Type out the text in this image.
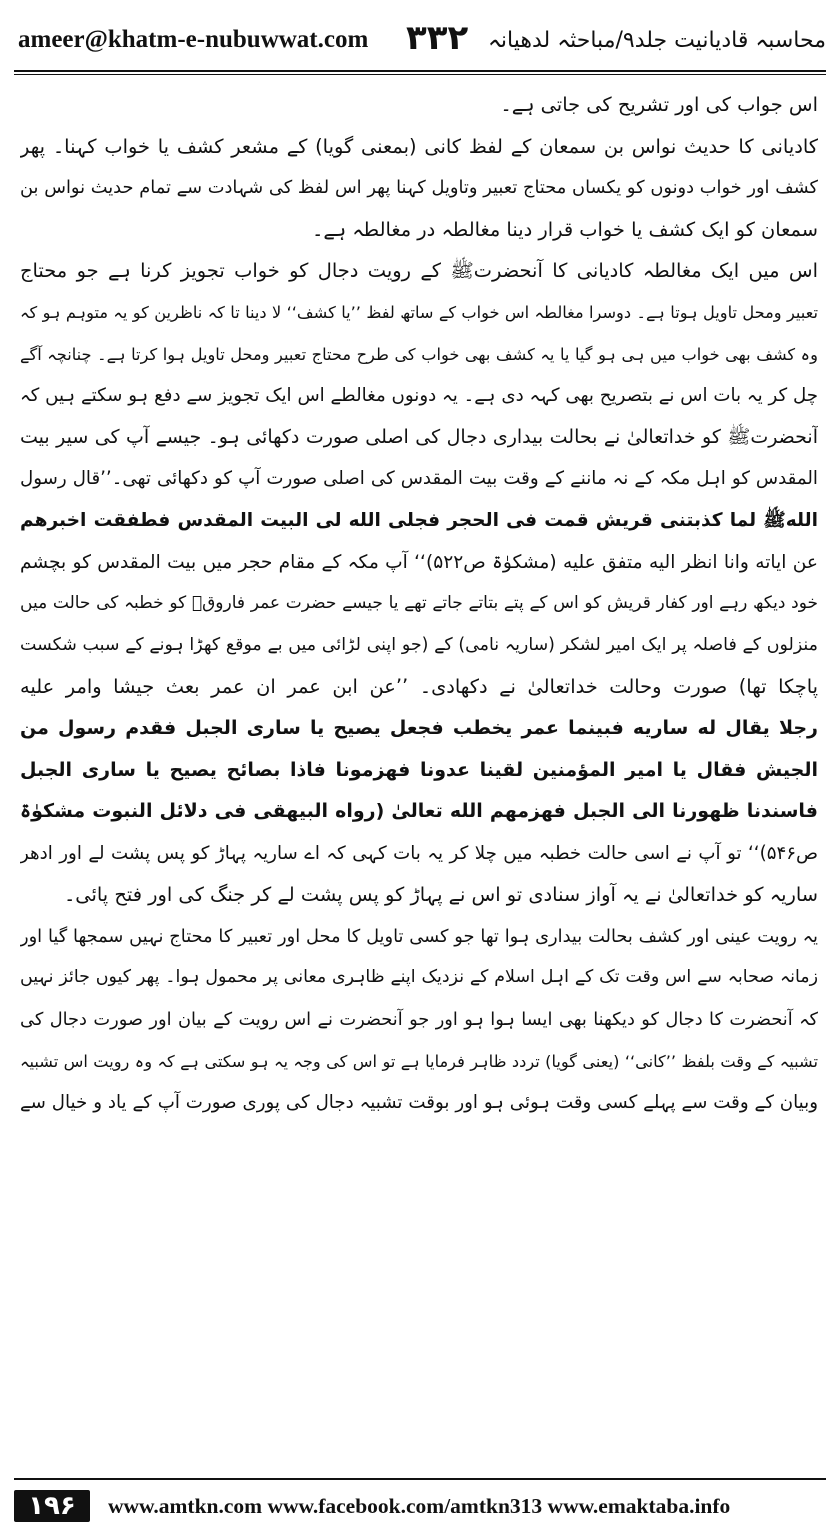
ameer@khatm-e-nubuwwat.com ۳۳۲ محاسبہ قادیانیت جلد۹/مباحثہ لدھیانہ
اس جواب کی اور تشریح کی جاتی ہے۔
کادیانی کا حدیث نواس بن سمعان کے لفظ کانی (بمعنی گویا) کے مشعر کشف یا خواب کہنا۔ پھر
کشف اور خواب دونوں کو یکساں محتاج تعبیر وتاویل کہنا پھر اس لفظ کی شہادت سے تمام حدیث نواس بن
سمعان کو ایک کشف یا خواب قرار دینا مغالطہ در مغالطہ ہے۔
اس میں ایک مغالطہ کادیانی کا آنحضرتﷺ کے رویت دجال کو خواب تجویز کرنا ہے جو محتاج
تعبیر ومحل تاویل ہوتا ہے۔ دوسرا مغالطہ اس خواب کے ساتھ لفظ ’’یا کشف‘‘ لا دینا تا کہ ناظرین کو یہ متوہم ہو کہ
وہ کشف بھی خواب میں ہی ہو گیا یا یہ کشف بھی خواب کی طرح محتاج تعبیر ومحل تاویل ہوا کرتا ہے۔ چنانچہ آگے
چل کر یہ بات اس نے بتصریح بھی کہہ دی ہے۔ یہ دونوں مغالطے اس ایک تجویز سے دفع ہو سکتے ہیں کہ
آنحضرتﷺ کو خداتعالیٰ نے بحالت بیداری دجال کی اصلی صورت دکھائی ہو۔ جیسے آپ کی سیر بیت
المقدس کو اہل مکہ کے نہ ماننے کے وقت بیت المقدس کی اصلی صورت آپ کو دکھائی تھی۔’’قال رسول
اللهﷺ لما کذبتنی قریش قمت فی الحجر فجلی الله لی البیت المقدس فطفقت اخبرهم
عن ایاته وانا انظر الیه متفق علیه (مشکوٰۃ ص۵۲۲)‘‘ آپ مکہ کے مقام حجر میں بیت المقدس کو بچشم
خود دیکھ رہے اور کفار قریش کو اس کے پتے بتاتے جاتے تھے یا جیسے حضرت عمر فاروقؓ کو خطبہ کی حالت میں
منزلوں کے فاصلہ پر ایک امیر لشکر (ساریہ نامی) کے (جو اپنی لڑائی میں بے موقع کھڑا ہونے کے سبب شکست
پاچکا تھا) صورت وحالت خداتعالیٰ نے دکھادی۔ ’’عن ابن عمر ان عمر بعث جیشا وامر علیه
رجلا یقال له ساریه فبینما عمر یخطب فجعل یصیح یا ساری الجبل فقدم رسول من
الجیش فقال یا امیر المؤمنین لقینا عدونا فهزمونا فاذا بصائح یصیح یا ساری الجبل
فاسندنا ظهورنا الی الجبل فهزمهم الله تعالیٰ (رواه البیهقی فی دلائل النبوت مشکوٰۃ
ص۵۴۶)‘‘ تو آپ نے اسی حالت خطبہ میں چلا کر یہ بات کہی کہ اے ساریہ پہاڑ کو پس پشت لے اور ادھر
ساریہ کو خداتعالیٰ نے یہ آواز سنادی تو اس نے پہاڑ کو پس پشت لے کر جنگ کی اور فتح پائی۔
یہ رویت عینی اور کشف بحالت بیداری ہوا تھا جو کسی تاویل کا محل اور تعبیر کا محتاج نہیں سمجھا گیا اور
زمانہ صحابہ سے اس وقت تک کے اہل اسلام کے نزدیک اپنے ظاہری معانی پر محمول ہوا۔ پھر کیوں جائز نہیں
کہ آنحضرت کا دجال کو دیکھنا بھی ایسا ہوا ہو اور جو آنحضرت نے اس رویت کے بیان اور صورت دجال کی
تشبیہ کے وقت بلفظ ’’کانی‘‘ (یعنی گویا) تردد ظاہر فرمایا ہے تو اس کی وجہ یہ ہو سکتی ہے کہ وہ رویت اس تشبیہ
وبیان کے وقت سے پہلے کسی وقت ہوئی ہو اور بوقت تشبیہ دجال کی پوری صورت آپ کے یاد و خیال سے
۱۹۶	www.amtkn.com www.facebook.com/amtkn313 www.emaktaba.info
